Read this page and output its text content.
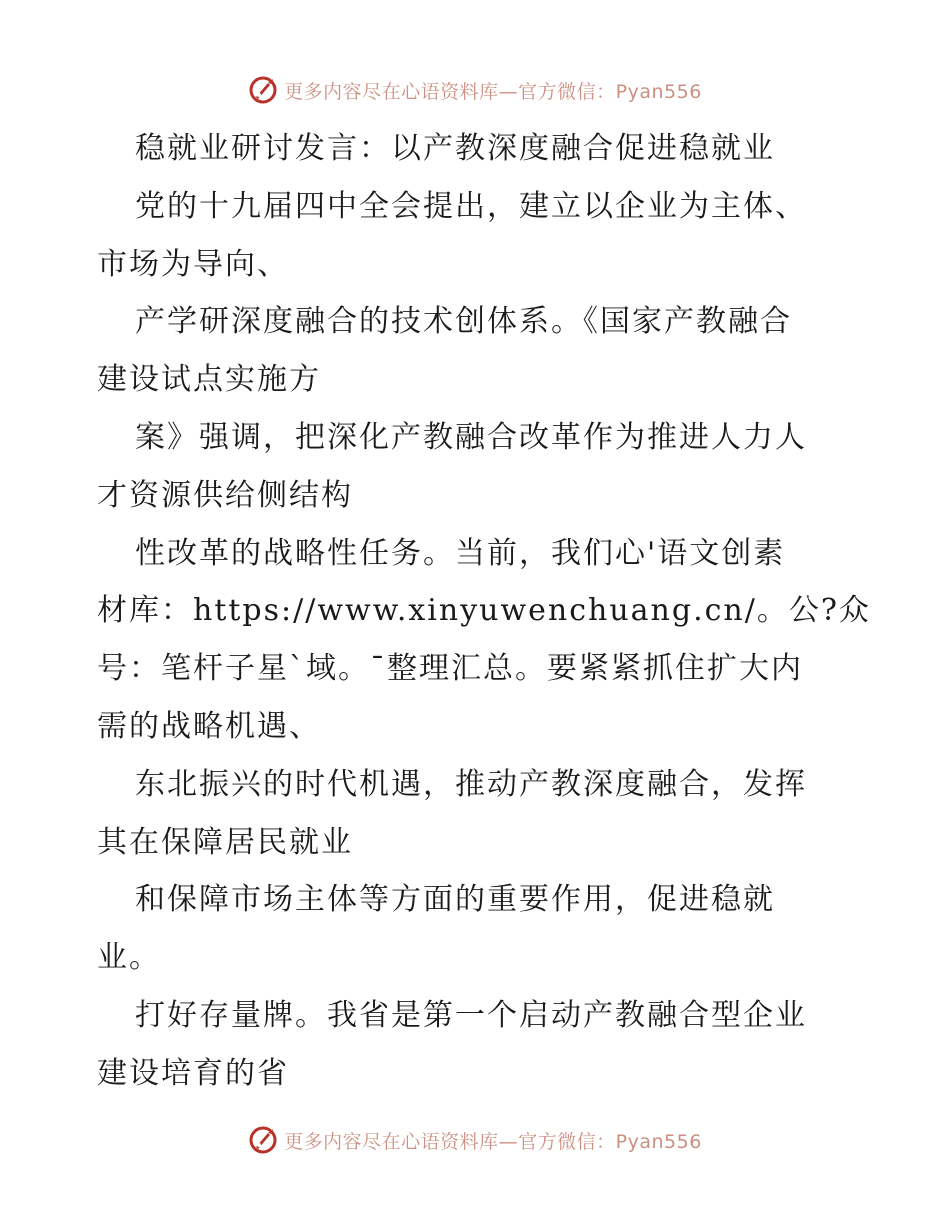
更多内容尽在心语资料库—官方微信：Pyan556
稳就业研讨发言：以产教深度融合促进稳就业
党的十九届四中全会提出，建立以企业为主体、
市场为导向、
产学研深度融合的技术创体系。《国家产教融合
建设试点实施方
案》强调，把深化产教融合改革作为推进人力人
才资源供给侧结构
性改革的战略性任务。当前，我们心'语文创素
材库：https://www.xinyuwenchuang.cn/。公?众
号：笔杆子星`域。¯整理汇总。要紧紧抓住扩大内
需的战略机遇、
东北振兴的时代机遇，推动产教深度融合，发挥
其在保障居民就业
和保障市场主体等方面的重要作用，促进稳就
业。
打好存量牌。我省是第一个启动产教融合型企业
建设培育的省
更多内容尽在心语资料库—官方微信：Pyan556
